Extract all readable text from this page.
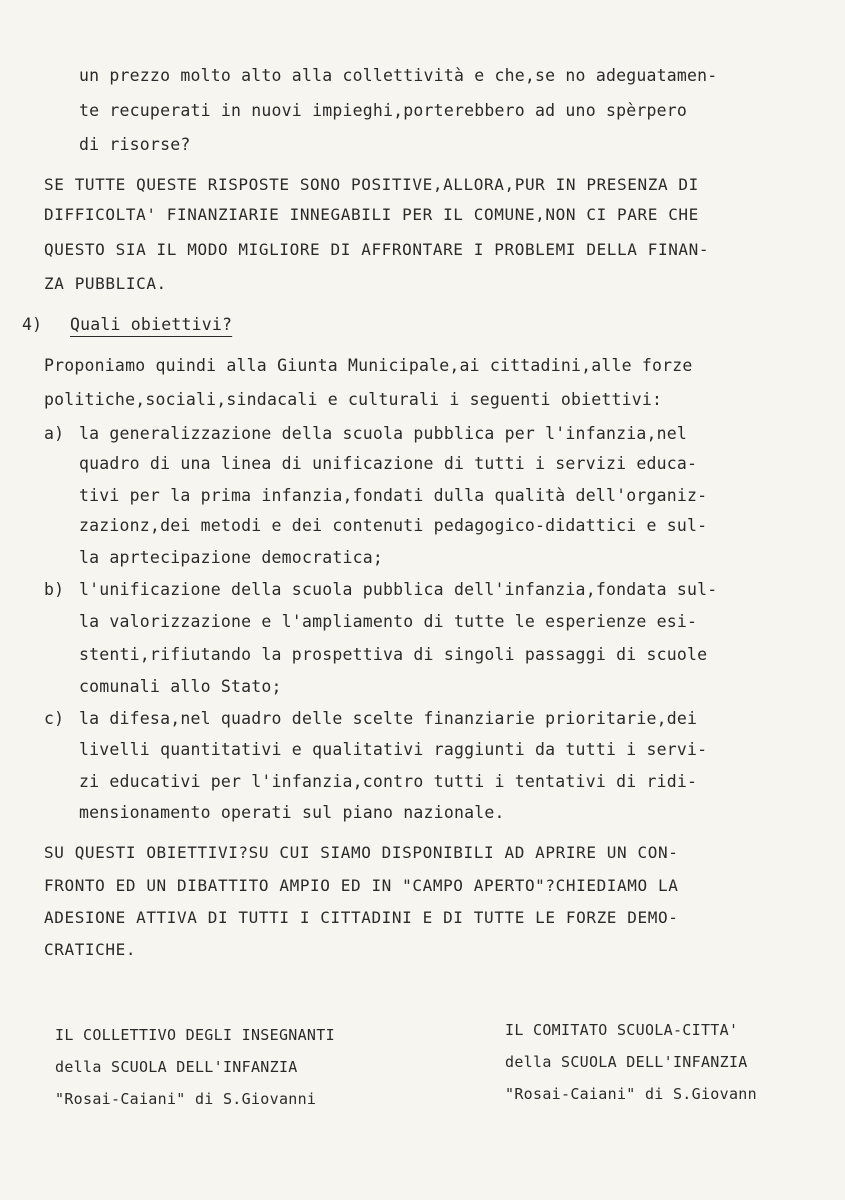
un prezzo molto alto alla collettività e che,se no adeguatamen-
te recuperati in nuovi impieghi,porterebbero ad uno spèrpero
di risorse?
SE TUTTE QUESTE RISPOSTE SONO POSITIVE,ALLORA,PUR IN PRESENZA DI
DIFFICOLTA' FINANZIARIE INNEGABILI PER IL COMUNE,NON CI PARE CHE
QUESTO SIA IL MODO MIGLIORE DI AFFRONTARE I PROBLEMI DELLA FINAN-
ZA PUBBLICA.
4) Quali obiettivi?
Proponiamo quindi alla Giunta Municipale,ai cittadini,alle forze
politiche,sociali,sindacali e culturali i seguenti obiettivi:
a) la generalizzazione della scuola pubblica per l'infanzia,nel
quadro di una linea di unificazione di tutti i servizi educa-
tivi per la prima infanzia,fondati dulla qualità dell'organiz-
zazionz,dei metodi e dei contenuti pedagogico-didattici e sul-
la aprtecipazione democratica;
b) l'unificazione della scuola pubblica dell'infanzia,fondata sul-
la valorizzazione e l'ampliamento di tutte le esperienze esi-
stenti,rifiutando la prospettiva di singoli passaggi di scuole
comunali allo Stato;
c) la difesa,nel quadro delle scelte finanziarie prioritarie,dei
livelli quantitativi e qualitativi raggiunti da tutti i servi-
zi educativi per l'infanzia,contro tutti i tentativi di ridi-
mensionamento operati sul piano nazionale.
SU QUESTI OBIETTIVI?SU CUI SIAMO DISPONIBILI AD APRIRE UN CON-
FRONTO ED UN DIBATTITO AMPIO ED IN "CAMPO APERTO"?CHIEDIAMO LA
ADESIONE ATTIVA DI TUTTI I CITTADINI E DI TUTTE LE FORZE DEMO-
CRATICHE.
IL COLLETTIVO DEGLI INSEGNANTI
della SCUOLA DELL'INFANZIA
"Rosai-Caiani" di S.Giovanni
IL COMITATO SCUOLA-CITTA'
della SCUOLA DELL'INFANZIA
"Rosai-Caiani" di S.Giovann
